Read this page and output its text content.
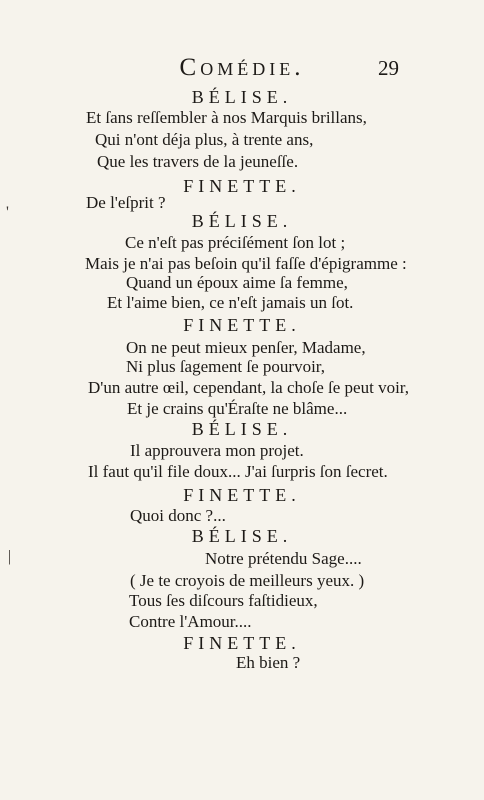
Comédie.	29
'
|
BÉLISE.
Et ſans reſſembler à nos Marquis brillans,
Qui n'ont déja plus, à trente ans,
Que les travers de la jeuneſſe.
FINETTE.
De l'eſprit ?
BÉLISE.
Ce n'eſt pas préciſément ſon lot ;
Mais je n'ai pas beſoin qu'il faſſe d'épigramme :
Quand un époux aime ſa femme,
Et l'aime bien, ce n'eſt jamais un ſot.
FINETTE.
On ne peut mieux penſer, Madame,
Ni plus ſagement ſe pourvoir,
D'un autre œil, cependant, la choſe ſe peut voir,
Et je crains qu'Éraſte ne blâme...
BÉLISE.
Il approuvera mon projet.
Il faut qu'il file doux... J'ai ſurpris ſon ſecret.
FINETTE.
Quoi donc ?...
BÉLISE.
Notre prétendu Sage....
( Je te croyois de meilleurs yeux. )
Tous ſes diſcours faſtidieux,
Contre l'Amour....
FINETTE.
Eh bien ?
